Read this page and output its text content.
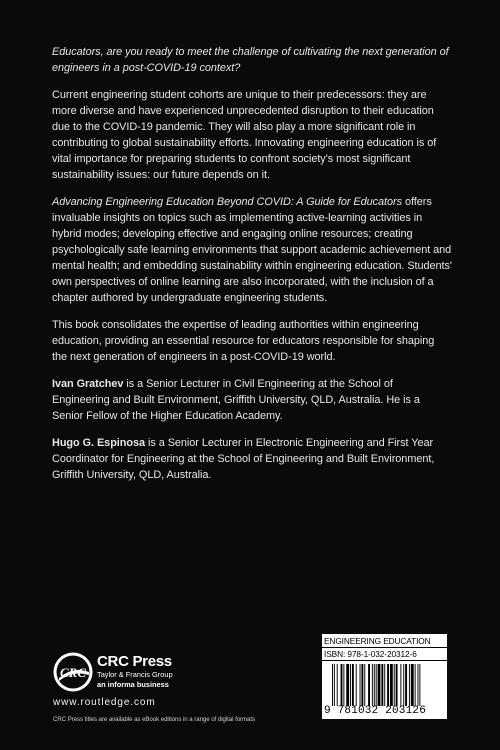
Educators, are you ready to meet the challenge of cultivating the next generation of engineers in a post-COVID-19 context?

Current engineering student cohorts are unique to their predecessors: they are more diverse and have experienced unprecedented disruption to their education due to the COVID-19 pandemic. They will also play a more significant role in contributing to global sustainability efforts. Innovating engineering education is of vital importance for preparing students to confront society's most significant sustainability issues: our future depends on it.

Advancing Engineering Education Beyond COVID: A Guide for Educators offers invaluable insights on topics such as implementing active-learning activities in hybrid modes; developing effective and engaging online resources; creating psychologically safe learning environments that support academic achievement and mental health; and embedding sustainability within engineering education. Students' own perspectives of online learning are also incorporated, with the inclusion of a chapter authored by undergraduate engineering students.

This book consolidates the expertise of leading authorities within engineering education, providing an essential resource for educators responsible for shaping the next generation of engineers in a post-COVID-19 world.

Ivan Gratchev is a Senior Lecturer in Civil Engineering at the School of Engineering and Built Environment, Griffith University, QLD, Australia. He is a Senior Fellow of the Higher Education Academy.

Hugo G. Espinosa is a Senior Lecturer in Electronic Engineering and First Year Coordinator for Engineering at the School of Engineering and Built Environment, Griffith University, QLD, Australia.

CRC
CRC Press
Taylor & Francis Group
an informa business
www.routledge.com
CRC Press titles are available as eBook editions in a range of digital formats
ENGINEERING EDUCATION
ISBN: 978-1-032-20312-6
9 781032 203126
